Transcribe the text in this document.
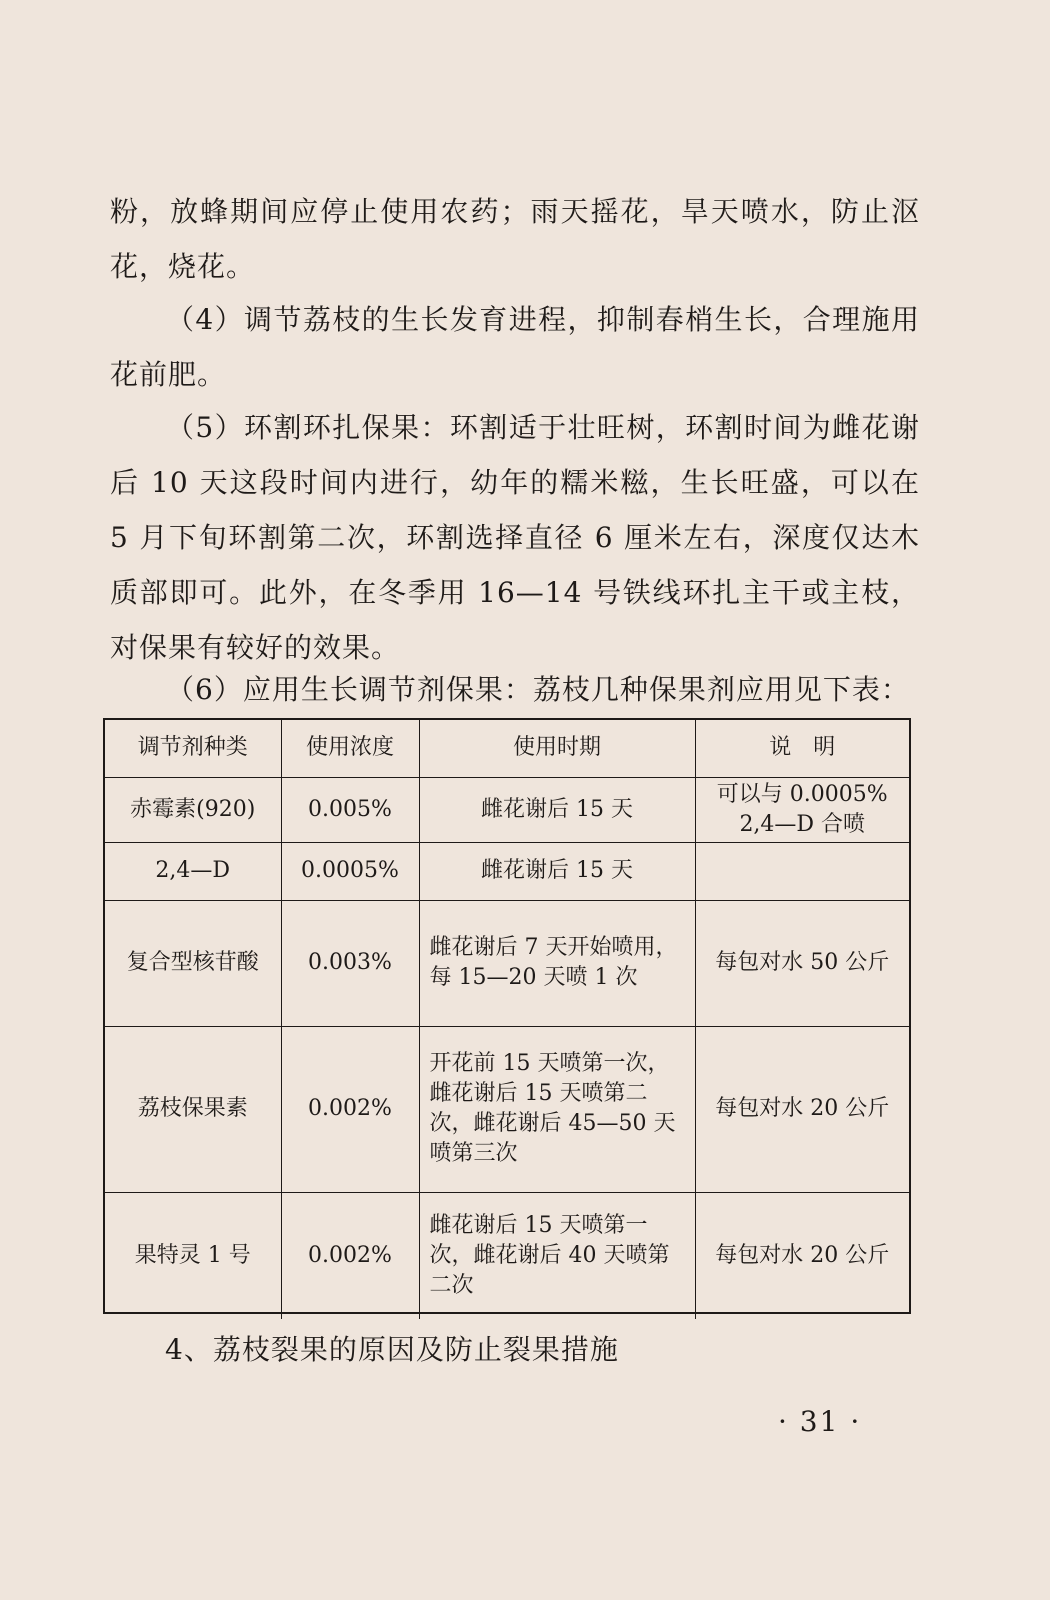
粉，放蜂期间应停止使用农药；雨天摇花，旱天喷水，防止沤花，烧花。

（4）调节荔枝的生长发育进程，抑制春梢生长，合理施用花前肥。

（5）环割环扎保果：环割适于壮旺树，环割时间为雌花谢后 10 天这段时间内进行，幼年的糯米糍，生长旺盛，可以在 5 月下旬环割第二次，环割选择直径 6 厘米左右，深度仅达木质部即可。此外，在冬季用 16—14 号铁线环扎主干或主枝，对保果有较好的效果。

（6）应用生长调节剂保果：荔枝几种保果剂应用见下表：

调节剂种类	使用浓度	使用时期	说　明
赤霉素(920)	0.005%	雌花谢后 15 天	可以与 0.0005% 2,4—D 合喷
2,4—D	0.0005%	雌花谢后 15 天	
复合型核苷酸	0.003%	雌花谢后 7 天开始喷用，每 15—20 天喷 1 次	每包对水 50 公斤
荔枝保果素	0.002%	开花前 15 天喷第一次，雌花谢后 15 天喷第二次，雌花谢后 45—50 天喷第三次	每包对水 20 公斤
果特灵 1 号	0.002%	雌花谢后 15 天喷第一次，雌花谢后 40 天喷第二次	每包对水 20 公斤
4、荔枝裂果的原因及防止裂果措施
· 31 ·
